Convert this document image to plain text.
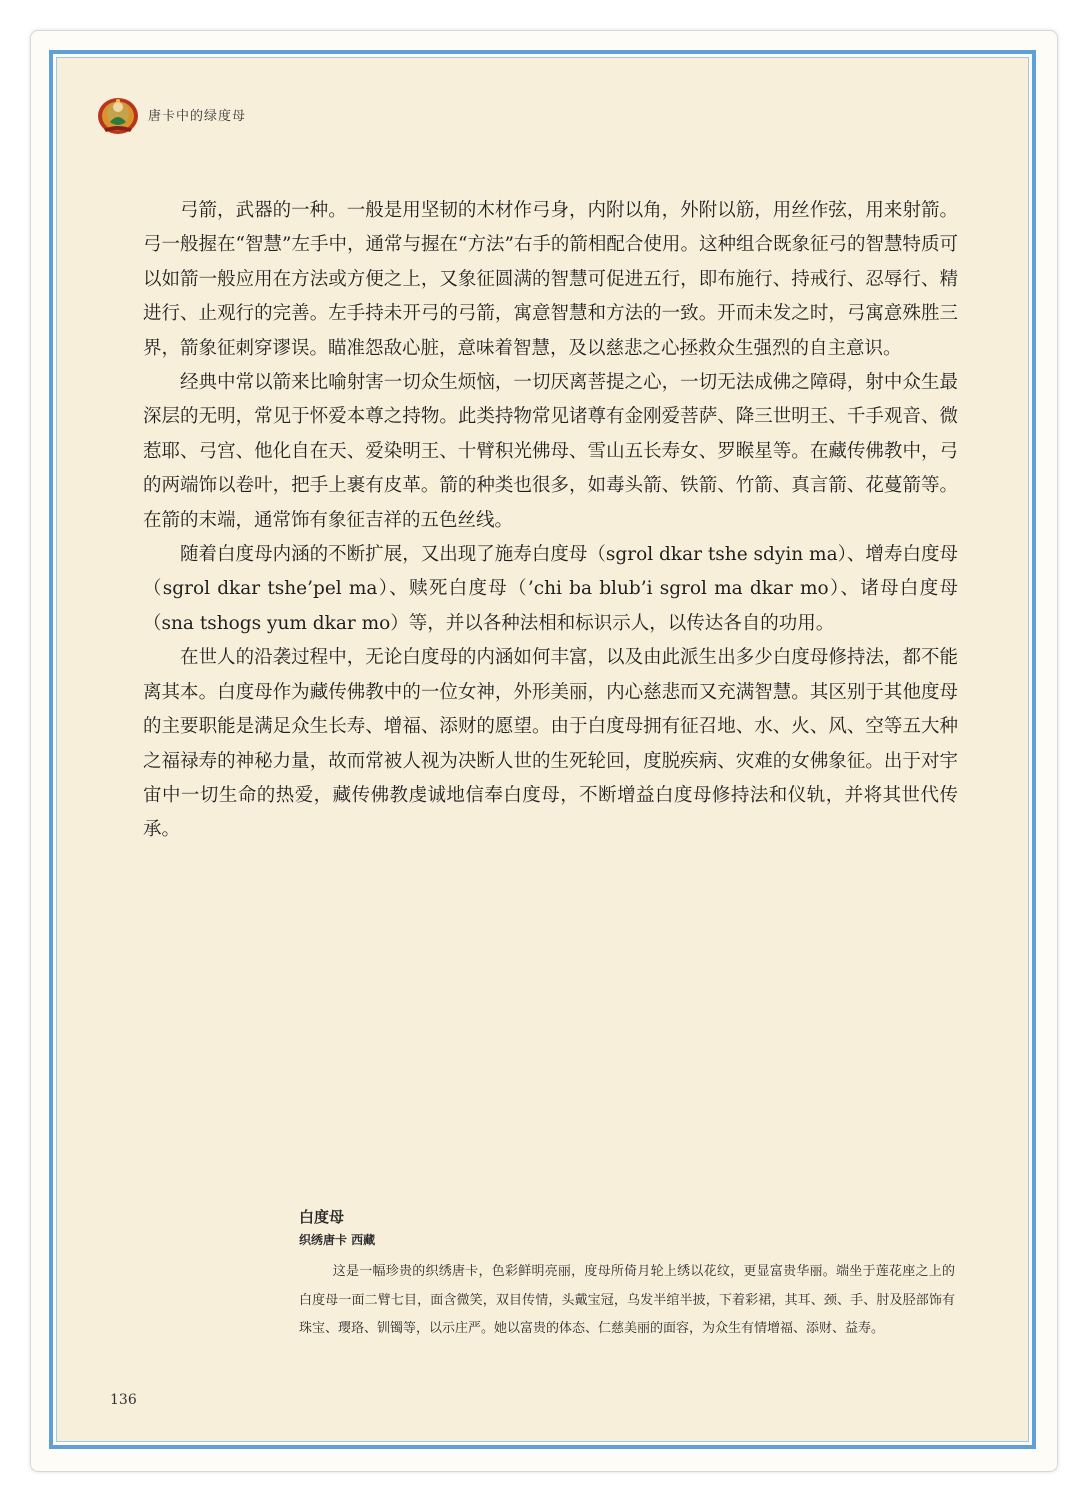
唐卡中的绿度母

弓箭，武器的一种。一般是用坚韧的木材作弓身，内附以角，外附以筋，用丝作弦，用来射箭。弓一般握在“智慧”左手中，通常与握在“方法”右手的箭相配合使用。这种组合既象征弓的智慧特质可以如箭一般应用在方法或方便之上，又象征圆满的智慧可促进五行，即布施行、持戒行、忍辱行、精进行、止观行的完善。左手持未开弓的弓箭，寓意智慧和方法的一致。开而未发之时，弓寓意殊胜三界，箭象征刺穿谬误。瞄准怨敌心脏，意味着智慧，及以慈悲之心拯救众生强烈的自主意识。

经典中常以箭来比喻射害一切众生烦恼，一切厌离菩提之心，一切无法成佛之障碍，射中众生最深层的无明，常见于怀爱本尊之持物。此类持物常见诸尊有金刚爱菩萨、降三世明王、千手观音、微惹耶、弓宫、他化自在天、爱染明王、十臂积光佛母、雪山五长寿女、罗睺星等。在藏传佛教中，弓的两端饰以卷叶，把手上裹有皮革。箭的种类也很多，如毒头箭、铁箭、竹箭、真言箭、花蔓箭等。在箭的末端，通常饰有象征吉祥的五色丝线。

随着白度母内涵的不断扩展，又出现了施寿白度母（sgrol dkar tshe sdyin ma）、增寿白度母（sgrol dkar tshe’pel ma）、赎死白度母（’chi ba blub’i sgrol ma dkar mo）、诸母白度母（sna tshogs yum dkar mo）等，并以各种法相和标识示人，以传达各自的功用。

在世人的沿袭过程中，无论白度母的内涵如何丰富，以及由此派生出多少白度母修持法，都不能离其本。白度母作为藏传佛教中的一位女神，外形美丽，内心慈悲而又充满智慧。其区别于其他度母的主要职能是满足众生长寿、增福、添财的愿望。由于白度母拥有征召地、水、火、风、空等五大种之福禄寿的神秘力量，故而常被人视为决断人世的生死轮回，度脱疾病、灾难的女佛象征。出于对宇宙中一切生命的热爱，藏传佛教虔诚地信奉白度母，不断增益白度母修持法和仪轨，并将其世代传承。

白度母
织绣唐卡 西藏

这是一幅珍贵的织绣唐卡，色彩鲜明亮丽，度母所倚月轮上绣以花纹，更显富贵华丽。端坐于莲花座之上的白度母一面二臂七目，面含微笑，双目传情，头戴宝冠，乌发半绾半披，下着彩裙，其耳、颈、手、肘及胫部饰有珠宝、璎珞、钏镯等，以示庄严。她以富贵的体态、仁慈美丽的面容，为众生有情增福、添财、益寿。

136
